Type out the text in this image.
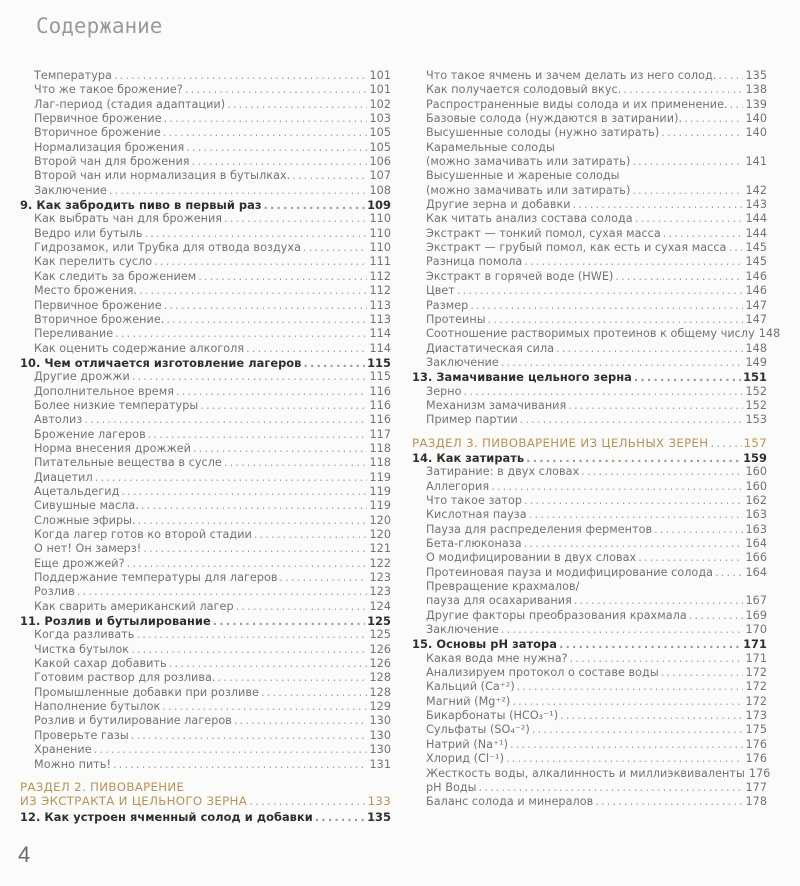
Содержание
Температура .....	101
Что же такое брожение? .....	101
Лаг-период (стадия адаптации) .....	102
Первичное брожение .....	103
Вторичное брожение .....	105
Нормализация брожения .....	105
Второй чан для брожения .....	106
Второй чан или нормализация в бутылках. .....	107
Заключение .....	108
9. Как забродить пиво в первый раз .....	109
Как выбрать чан для брожения .....	110
Ведро или бутыль .....	110
Гидрозамок, или Трубка для отвода воздуха .....	110
Как перелить сусло .....	111
Как следить за брожением .....	112
Место брожения. .....	112
Первичное брожение .....	113
Вторичное брожение. .....	113
Переливание .....	114
Как оценить содержание алкоголя .....	114
10. Чем отличается изготовление лагеров .....	115
Другие дрожжи .....	115
Дополнительное время .....	116
Более низкие температуры .....	116
Автолиз .....	116
Брожение лагеров .....	117
Норма внесения дрожжей .....	118
Питательные вещества в сусле .....	118
Диацетил .....	119
Ацетальдегид .....	119
Сивушные масла. .....	119
Сложные эфиры. .....	120
Когда лагер готов ко второй стадии .....	120
О нет! Он замерз! .....	121
Еще дрожжей? .....	122
Поддержание температуры для лагеров .....	123
Розлив .....	123
Как сварить американский лагер .....	124
11. Розлив и бутылирование .....	125
Когда разливать .....	125
Чистка бутылок .....	126
Какой сахар добавить .....	126
Готовим раствор для розлива. .....	128
Промышленные добавки при розливе .....	128
Наполнение бутылок .....	129
Розлив и бутилирование лагеров .....	130
Проверьте газы .....	130
Хранение .....	130
Можно пить! .....	131
РАЗДЕЛ 2. ПИВОВАРЕНИЕ
ИЗ ЭКСТРАКТА И ЦЕЛЬНОГО ЗЕРНА .....	133
12. Как устроен ячменный солод и добавки .....	135
Что такое ячмень и зачем делать из него солод. .....	135
Как получается солодовый вкус. .....	138
Распространенные виды солода и их применение. ..... 139
Базовые солода (нуждаются в затирании). .....	140
Высушенные солоды (нужно затирать) .....	140
Карамельные солоды
(можно замачивать или затирать) .....	141
Высушенные и жареные солоды
(можно замачивать или затирать) .....	142
Другие зерна и добавки .....	143
Как читать анализ состава солода .....	144
Экстракт — тонкий помол, сухая масса .....	144
Экстракт — грубый помол, как есть и сухая масса ..... 145
Разница помола .....	145
Экстракт в горячей воде (HWE) .....	146
Цвет .....	146
Размер .....	147
Протеины .....	147
Соотношение растворимых протеинов к общему числу 148
Диастатическая сила .....	148
Заключение .....	149
13. Замачивание цельного зерна .....	151
Зерно .....	152
Механизм замачивания .....	152
Пример партии .....	153
РАЗДЕЛ 3. ПИВОВАРЕНИЕ ИЗ ЦЕЛЬНЫХ ЗЕРЕН .....	157
14. Как затирать .....	159
Затирание: в двух словах .....	160
Аллегория .....	160
Что такое затор .....	162
Кислотная пауза .....	163
Пауза для распределения ферментов .....	163
Бета-глюконаза .....	164
О модифицировании в двух словах .....	166
Протеиновая пауза и модифицирование солода .....	164
Превращение крахмалов/
пауза для осахаривания .....	167
Другие факторы преобразования крахмала .....	169
Заключение .....	170
15. Основы pH затора .....	171
Какая вода мне нужна? .....	171
Анализируем протокол о составе воды .....	172
Кальций (Ca⁺²) .....	172
Магний (Mg⁺²) .....	172
Бикарбонаты (HCO₃⁻¹) .....	173
Сульфаты (SO₄⁻²) .....	175
Натрий (Na⁺¹) .....	176
Хлорид (Cl⁻¹) .....	176
Жесткость воды, алкалинность и миллиэквиваленты 176
pH Воды .....	177
Баланс солода и минералов .....	178
4
